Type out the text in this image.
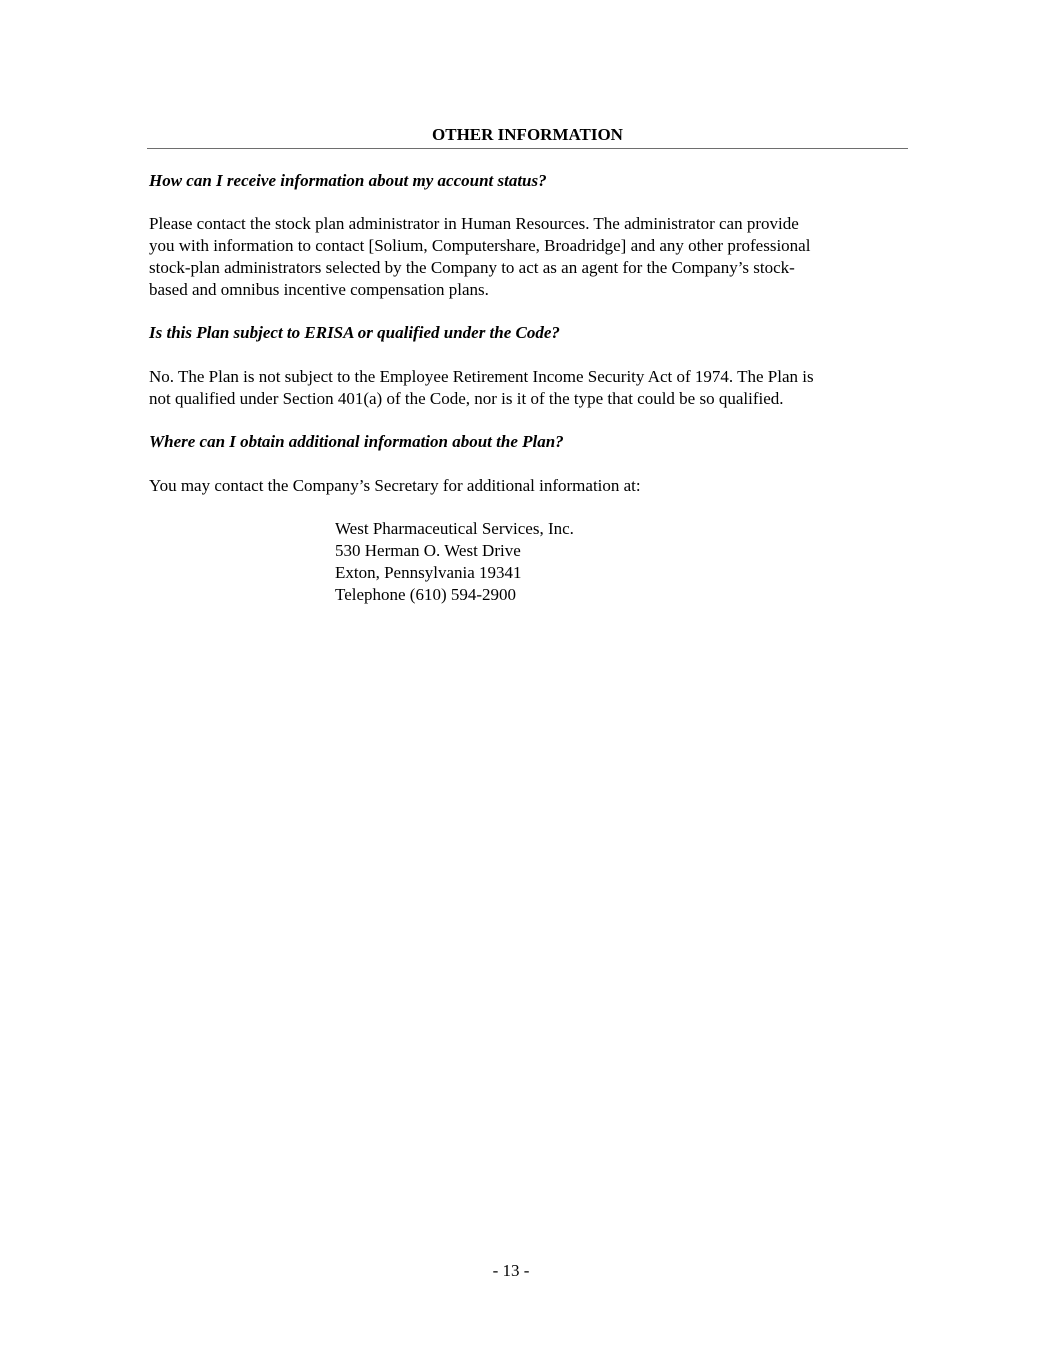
OTHER INFORMATION

How can I receive information about my account status?

Please contact the stock plan administrator in Human Resources. The administrator can provide

you with information to contact [Solium, Computershare, Broadridge] and any other professional

stock-plan administrators selected by the Company to act as an agent for the Company’s stock-

based and omnibus incentive compensation plans.

Is this Plan subject to ERISA or qualified under the Code?

No. The Plan is not subject to the Employee Retirement Income Security Act of 1974. The Plan is

not qualified under Section 401(a) of the Code, nor is it of the type that could be so qualified.

Where can I obtain additional information about the Plan?

You may contact the Company’s Secretary for additional information at:

West Pharmaceutical Services, Inc.
530 Herman O. West Drive
Exton, Pennsylvania 19341
Telephone (610) 594-2900
- 13 -
